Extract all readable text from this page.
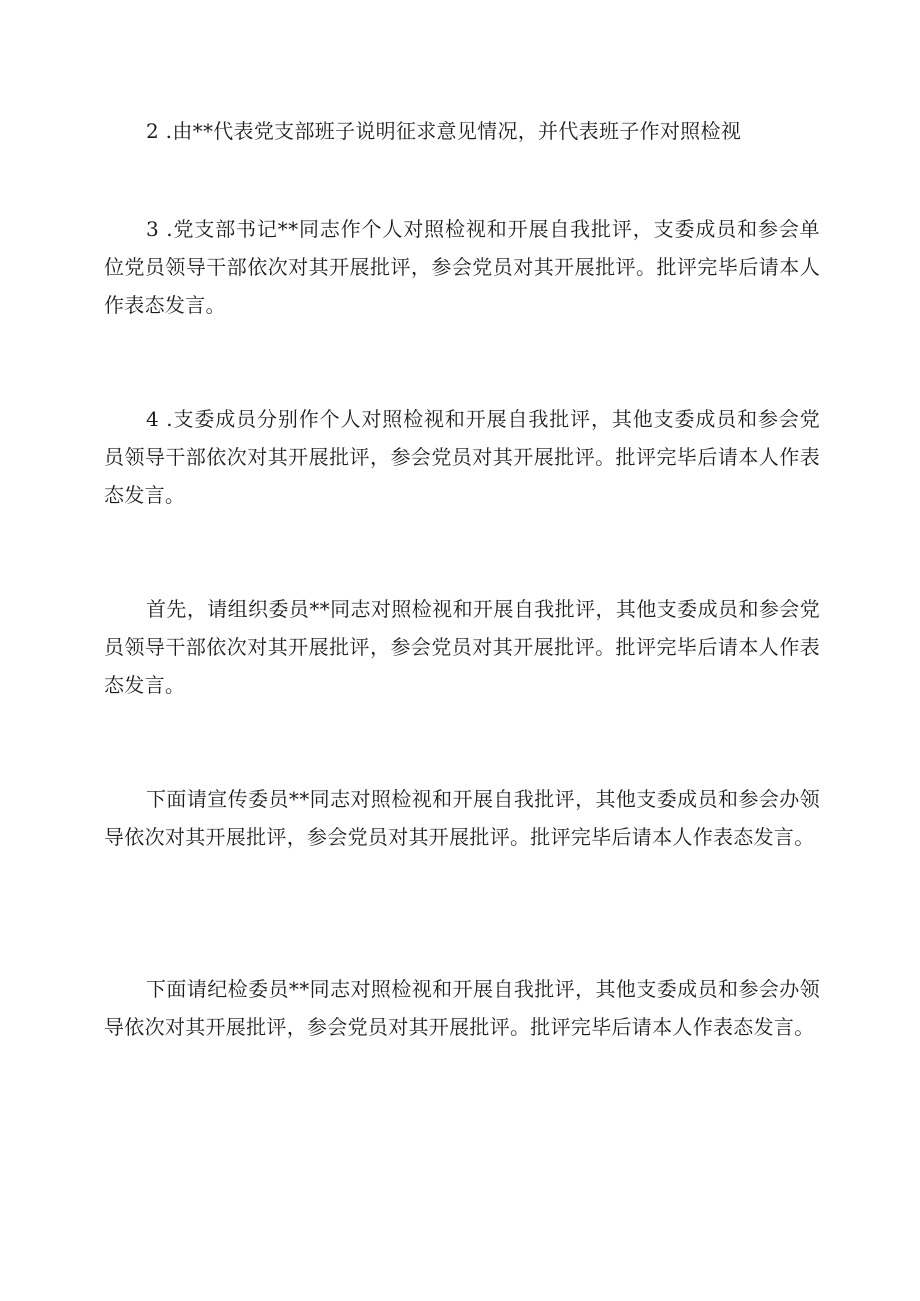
2 .由**代表党支部班子说明征求意见情况，并代表班子作对照检视

3 .党支部书记**同志作个人对照检视和开展自我批评，支委成员和参会单位党员领导干部依次对其开展批评，参会党员对其开展批评。批评完毕后请本人作表态发言。

4 .支委成员分别作个人对照检视和开展自我批评，其他支委成员和参会党员领导干部依次对其开展批评，参会党员对其开展批评。批评完毕后请本人作表态发言。

首先，请组织委员**同志对照检视和开展自我批评，其他支委成员和参会党员领导干部依次对其开展批评，参会党员对其开展批评。批评完毕后请本人作表态发言。

下面请宣传委员**同志对照检视和开展自我批评，其他支委成员和参会办领导依次对其开展批评，参会党员对其开展批评。批评完毕后请本人作表态发言。

下面请纪检委员**同志对照检视和开展自我批评，其他支委成员和参会办领导依次对其开展批评，参会党员对其开展批评。批评完毕后请本人作表态发言。
